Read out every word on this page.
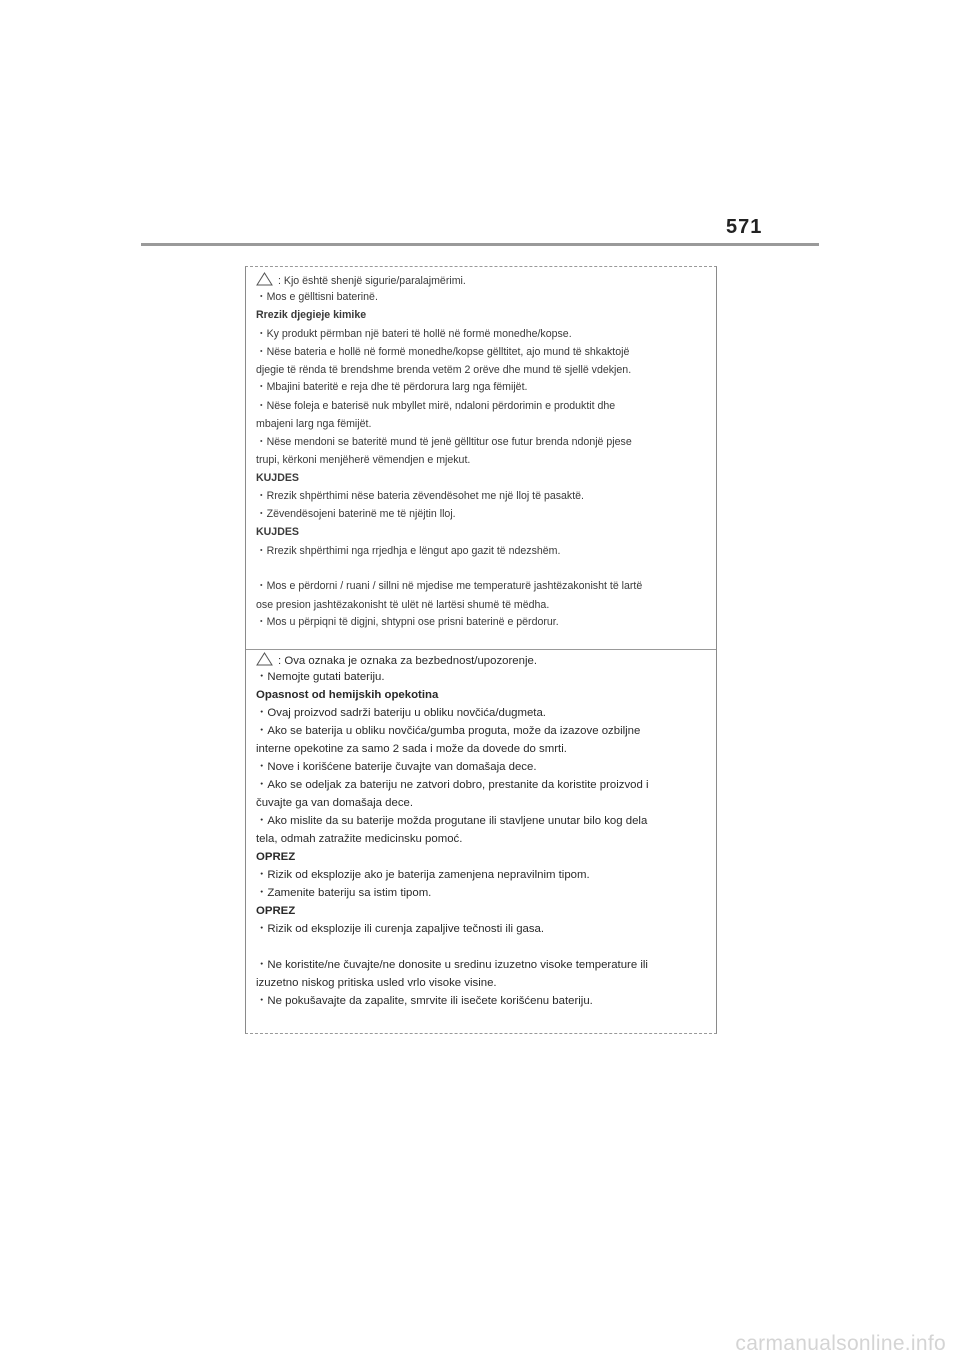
571
: Kjo është shenjë sigurie/paralajmërimi.
・Mos e gëlltisni baterinë.
Rrezik djegieje kimike
・Ky produkt përmban një bateri të hollë në formë monedhe/kopse.
・Nëse bateria e hollë në formë monedhe/kopse gëlltitet, ajo mund të shkaktojë
djegie të rënda të brendshme brenda vetëm 2 orëve dhe mund të sjellë vdekjen.
・Mbajini bateritë e reja dhe të përdorura larg nga fëmijët.
・Nëse foleja e baterisë nuk mbyllet mirë, ndaloni përdorimin e produktit dhe
mbajeni larg nga fëmijët.
・Nëse mendoni se bateritë mund të jenë gëlltitur ose futur brenda ndonjë pjese
trupi, kërkoni menjëherë vëmendjen e mjekut.
KUJDES
・Rrezik shpërthimi nëse bateria zëvendësohet me një lloj të pasaktë.
・Zëvendësojeni baterinë me të njëjtin lloj.
KUJDES
・Rrezik shpërthimi nga rrjedhja e lëngut apo gazit të ndezshëm.
・Mos e përdorni / ruani / sillni në mjedise me temperaturë jashtëzakonisht të lartë
ose presion jashtëzakonisht të ulët në lartësi shumë të mëdha.
・Mos u përpiqni të digjni, shtypni ose prisni baterinë e përdorur.
: Ova oznaka je oznaka za bezbednost/upozorenje.
・Nemojte gutati bateriju.
Opasnost od hemijskih opekotina
・Ovaj proizvod sadrži bateriju u obliku novčića/dugmeta.
・Ako se baterija u obliku novčića/gumba proguta, može da izazove ozbiljne
interne opekotine za samo 2 sada i može da dovede do smrti.
・Nove i korišćene baterije čuvajte van domašaja dece.
・Ako se odeljak za bateriju ne zatvori dobro, prestanite da koristite proizvod i
čuvajte ga van domašaja dece.
・Ako mislite da su baterije možda progutane ili stavljene unutar bilo kog dela
tela, odmah zatražite medicinsku pomoć.
OPREZ
・Rizik od eksplozije ako je baterija zamenjena nepravilnim tipom.
・Zamenite bateriju sa istim tipom.
OPREZ
・Rizik od eksplozije ili curenja zapaljive tečnosti ili gasa.
・Ne koristite/ne čuvajte/ne donosite u sredinu izuzetno visoke temperature ili
izuzetno niskog pritiska usled vrlo visoke visine.
・Ne pokušavajte da zapalite, smrvite ili isečete korišćenu bateriju.
carmanualsonline.info
